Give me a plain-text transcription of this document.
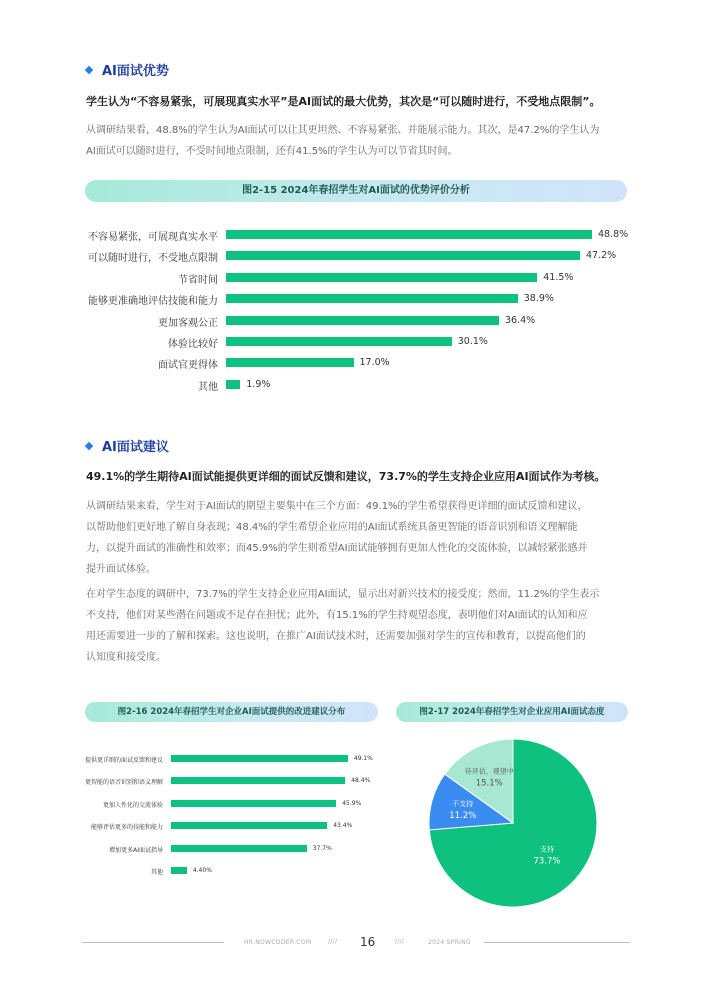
AI面试优势
学生认为“不容易紧张，可展现真实水平”是AI面试的最大优势，其次是“可以随时进行，不受地点限制”。
从调研结果看，48.8%的学生认为AI面试可以让其更坦然、不容易紧张、并能展示能力。其次，是47.2%的学生认为
AI面试可以随时进行，不受时间地点限制，还有41.5%的学生认为可以节省其时间。
图2-15 2024年春招学生对AI面试的优势评价分析
不容易紧张，可展现真实水平	48.8%
可以随时进行，不受地点限制	47.2%
节省时间	41.5%
能够更准确地评估技能和能力	38.9%
更加客观公正	36.4%
体验比较好	30.1%
面试官更得体	17.0%
其他	1.9%
AI面试建议
49.1%的学生期待AI面试能提供更详细的面试反馈和建议，73.7%的学生支持企业应用AI面试作为考核。
从调研结果来看，学生对于AI面试的期望主要集中在三个方面：49.1%的学生希望获得更详细的面试反馈和建议，
以帮助他们更好地了解自身表现；48.4%的学生希望企业应用的AI面试系统具备更智能的语音识别和语义理解能
力，以提升面试的准确性和效率；而45.9%的学生则希望AI面试能够拥有更加人性化的交流体验，以减轻紧张感并
提升面试体验。
在对学生态度的调研中，73.7%的学生支持企业应用AI面试，显示出对新兴技术的接受度；然而，11.2%的学生表示
不支持，他们对某些潜在问题或不足存在担忧；此外，有15.1%的学生持观望态度，表明他们对AI面试的认知和应
用还需要进一步的了解和探索。这也说明，在推广AI面试技术时，还需要加强对学生的宣传和教育，以提高他们的
认知度和接受度。
图2-16 2024年春招学生对企业AI面试提供的改进建议分布	图2-17 2024年春招学生对企业应用AI面试态度
提供更详细的面试反馈和建议	49.1%
更智能的语音识别和语义理解	48.4%
更加人性化的交流体验	45.9%
能够评估更多的技能和能力	43.4%
增加更多AI面试指导	37.7%
其他	4.40%
支持
73.7%
不支持
11.2%
待评估，观望中
15.1%
HR.NOWCODER.COM	//// 16	////	2024 SPRING
